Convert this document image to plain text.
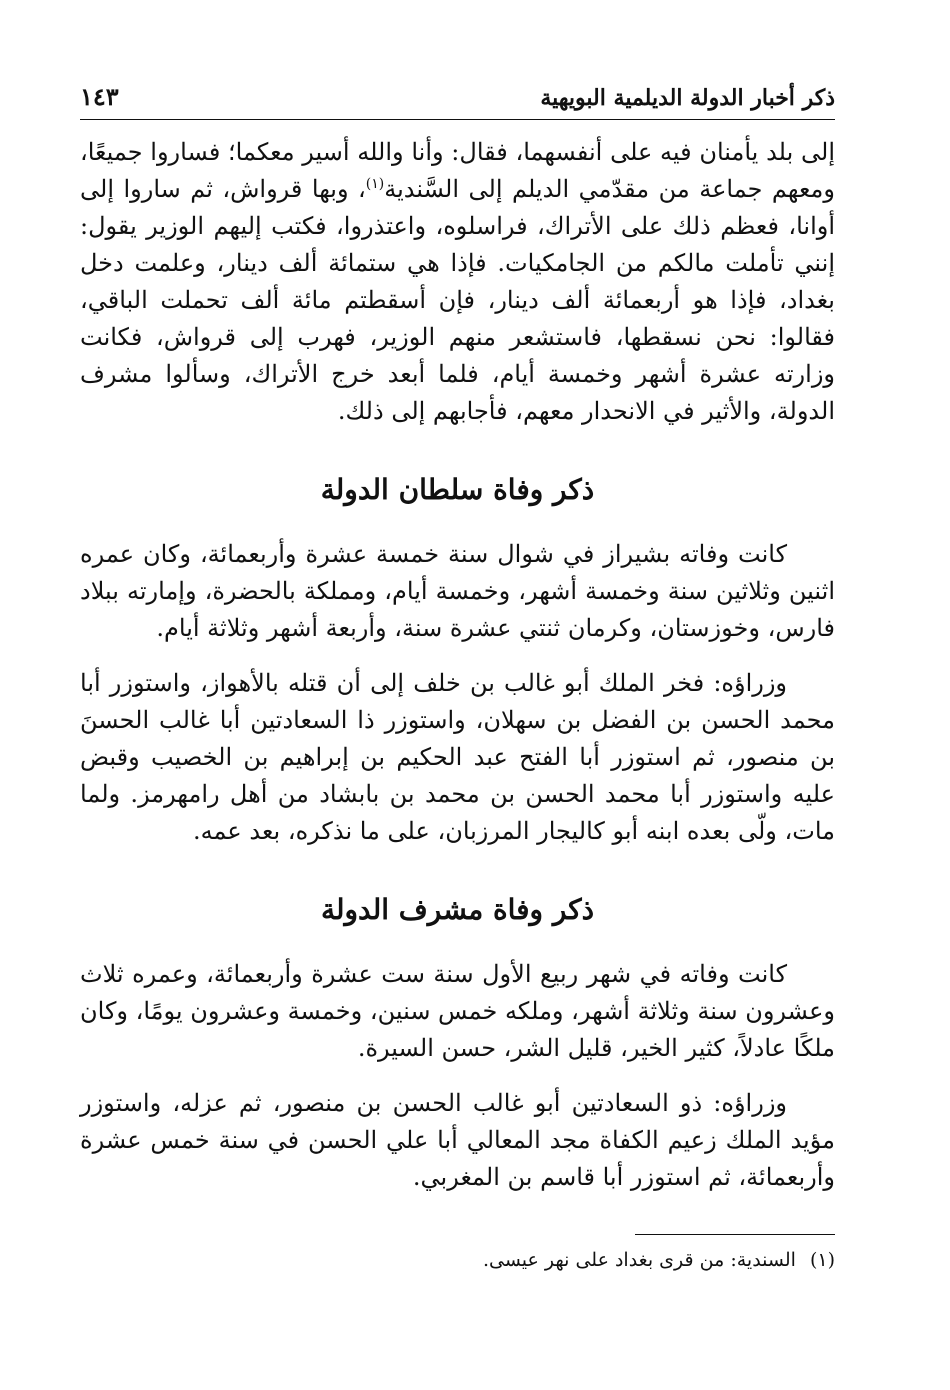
ذكر أخبار الدولة الديلمية البويهية
١٤٣

إلى بلد يأمنان فيه على أنفسهما، فقال: وأنا والله أسير معكما؛ فساروا جميعًا، ومعهم جماعة من مقدّمي الديلم إلى السَّندية$^{(١)}$، وبها قرواش، ثم ساروا إلى أوانا، فعظم ذلك على الأتراك، فراسلوه، واعتذروا، فكتب إليهم الوزير يقول: إنني تأملت مالكم من الجامكيات. فإذا هي ستمائة ألف دينار، وعلمت دخل بغداد، فإذا هو أربعمائة ألف دينار، فإن أسقطتم مائة ألف تحملت الباقي، فقالوا: نحن نسقطها، فاستشعر منهم الوزير، فهرب إلى قرواش، فكانت وزارته عشرة أشهر وخمسة أيام، فلما أبعد خرج الأتراك، وسألوا مشرف الدولة، والأثير في الانحدار معهم، فأجابهم إلى ذلك.

ذكر وفاة سلطان الدولة

كانت وفاته بشيراز في شوال سنة خمسة عشرة وأربعمائة، وكان عمره اثنين وثلاثين سنة وخمسة أشهر، وخمسة أيام، ومملكة بالحضرة، وإمارته ببلاد فارس، وخوزستان، وكرمان ثنتي عشرة سنة، وأربعة أشهر وثلاثة أيام.

وزراؤه: فخر الملك أبو غالب بن خلف إلى أن قتله بالأهواز، واستوزر أبا محمد الحسن بن الفضل بن سهلان، واستوزر ذا السعادتين أبا غالب الحسنَ بن منصور، ثم استوزر أبا الفتح عبد الحكيم بن إبراهيم بن الخصيب وقبض عليه واستوزر أبا محمد الحسن بن محمد بن بابشاد من أهل رامهرمز. ولما مات، ولّى بعده ابنه أبو كاليجار المرزبان، على ما نذكره، بعد عمه.

ذكر وفاة مشرف الدولة

كانت وفاته في شهر ربيع الأول سنة ست عشرة وأربعمائة، وعمره ثلاث وعشرون سنة وثلاثة أشهر، وملكه خمس سنين، وخمسة وعشرون يومًا، وكان ملكًا عادلاً، كثير الخير، قليل الشر، حسن السيرة.

وزراؤه: ذو السعادتين أبو غالب الحسن بن منصور، ثم عزله، واستوزر مؤيد الملك زعيم الكفاة مجد المعالي أبا علي الحسن في سنة خمس عشرة وأربعمائة، ثم استوزر أبا قاسم بن المغربي.

(١)السندية: من قرى بغداد على نهر عيسى.
